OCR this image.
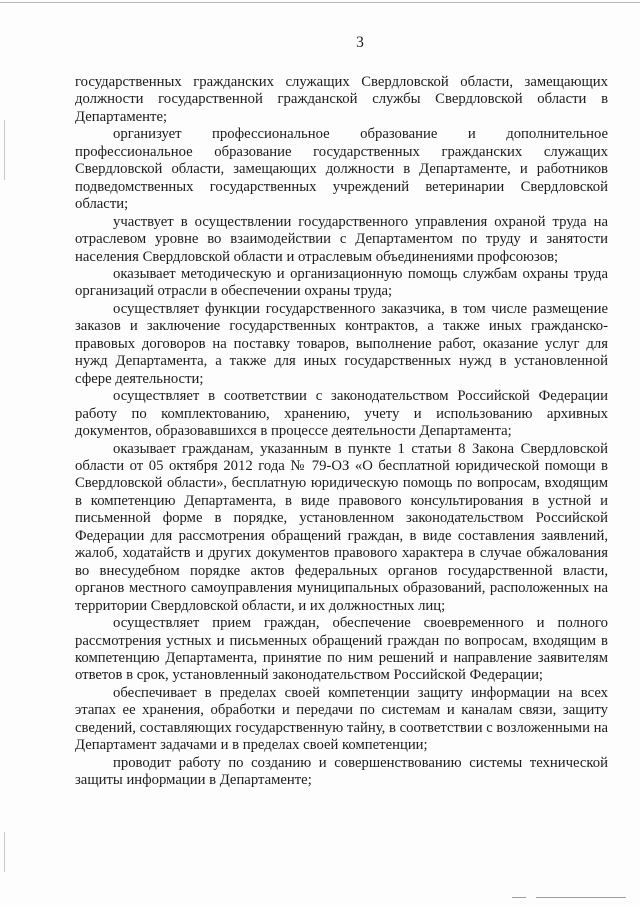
3

государственных гражданских служащих Свердловской области, замещающих должности государственной гражданской службы Свердловской области в Департаменте;

организует профессиональное образование и дополнительное профессиональное образование государственных гражданских служащих Свердловской области, замещающих должности в Департаменте, и работников подведомственных государственных учреждений ветеринарии Свердловской области;

участвует в осуществлении государственного управления охраной труда на отраслевом уровне во взаимодействии с Департаментом по труду и занятости населения Свердловской области и отраслевым объединениями профсоюзов;

оказывает методическую и организационную помощь службам охраны труда организаций отрасли в обеспечении охраны труда;

осуществляет функции государственного заказчика, в том числе размещение заказов и заключение государственных контрактов, а также иных гражданско-правовых договоров на поставку товаров, выполнение работ, оказание услуг для нужд Департамента, а также для иных государственных нужд в установленной сфере деятельности;

осуществляет в соответствии с законодательством Российской Федерации работу по комплектованию, хранению, учету и использованию архивных документов, образовавшихся в процессе деятельности Департамента;

оказывает гражданам, указанным в пункте 1 статьи 8 Закона Свердловской области от 05 октября 2012 года № 79-ОЗ «О бесплатной юридической помощи в Свердловской области», бесплатную юридическую помощь по вопросам, входящим в компетенцию Департамента, в виде правового консультирования в устной и письменной форме в порядке, установленном законодательством Российской Федерации для рассмотрения обращений граждан, в виде составления заявлений, жалоб, ходатайств и других документов правового характера в случае обжалования во внесудебном порядке актов федеральных органов государственной власти, органов местного самоуправления муниципальных образований, расположенных на территории Свердловской области, и их должностных лиц;

осуществляет прием граждан, обеспечение своевременного и полного рассмотрения устных и письменных обращений граждан по вопросам, входящим в компетенцию Департамента, принятие по ним решений и направление заявителям ответов в срок, установленный законодательством Российской Федерации;

обеспечивает в пределах своей компетенции защиту информации на всех этапах ее хранения, обработки и передачи по системам и каналам связи, защиту сведений, составляющих государственную тайну, в соответствии с возложенными на Департамент задачами и в пределах своей компетенции;

проводит работу по созданию и совершенствованию системы технической защиты информации в Департаменте;
